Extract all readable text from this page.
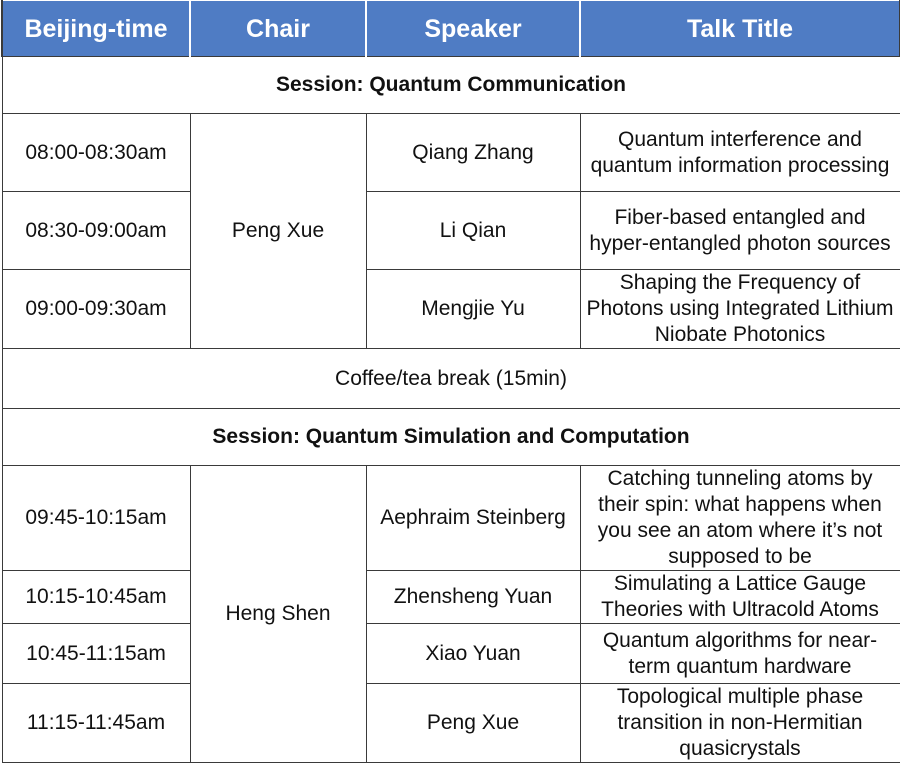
Beijing-time	Chair	Speaker	Talk Title
Session: Quantum Communication			
08:00-08:30am	Peng Xue	Qiang Zhang	Quantum interference and quantum information processing
08:30-09:00am		Li Qian	Fiber-based entangled and hyper-entangled photon sources
09:00-09:30am		Mengjie Yu	Shaping the Frequency of Photons using Integrated Lithium Niobate Photonics
Coffee/tea break (15min)			
Session: Quantum Simulation and Computation			
09:45-10:15am	Heng Shen	Aephraim Steinberg	Catching tunneling atoms by their spin: what happens when you see an atom where it’s not supposed to be
10:15-10:45am		Zhensheng Yuan	Simulating a Lattice Gauge Theories with Ultracold Atoms
10:45-11:15am		Xiao Yuan	Quantum algorithms for near-term quantum hardware
11:15-11:45am		Peng Xue	Topological multiple phase transition in non-Hermitian quasicrystals
